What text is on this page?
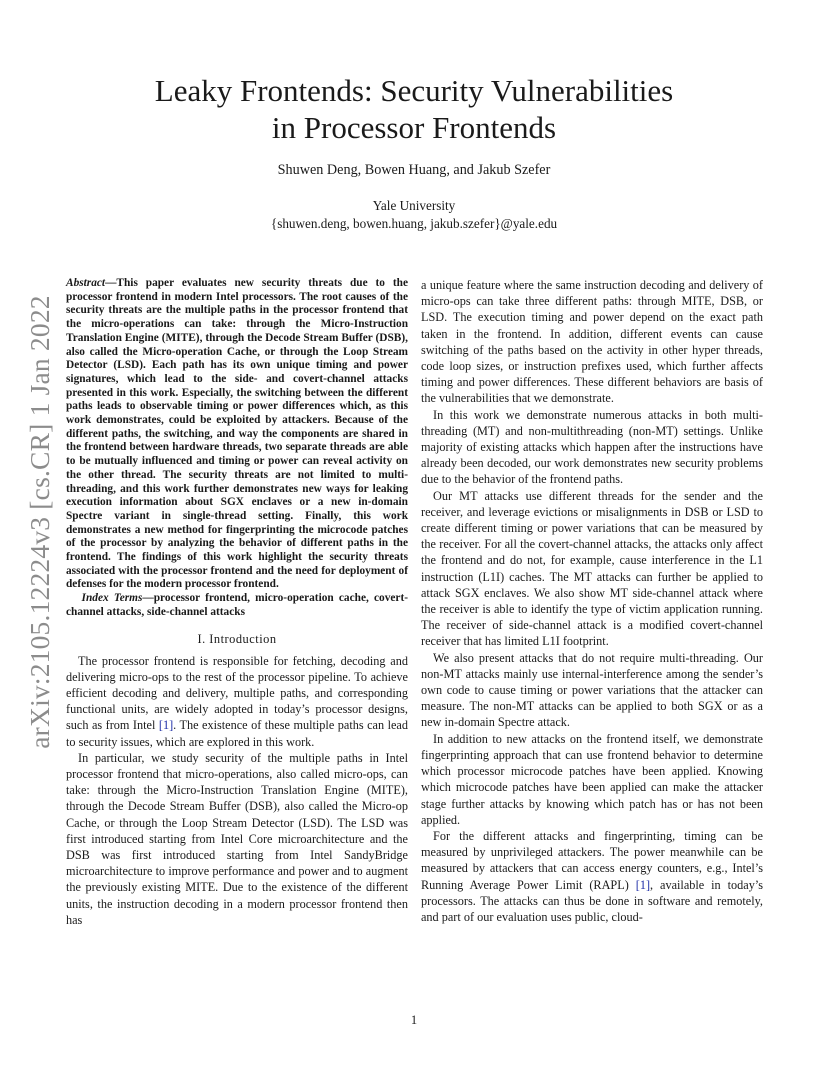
arXiv:2105.12224v3 [cs.CR] 1 Jan 2022
Leaky Frontends: Security Vulnerabilities
in Processor Frontends
Shuwen Deng, Bowen Huang, and Jakub Szefer
Yale University
{shuwen.deng, bowen.huang, jakub.szefer}@yale.edu

Abstract—This paper evaluates new security threats due to the processor frontend in modern Intel processors. The root causes of the security threats are the multiple paths in the processor frontend that the micro-operations can take: through the Micro-Instruction Translation Engine (MITE), through the Decode Stream Buffer (DSB), also called the Micro-operation Cache, or through the Loop Stream Detector (LSD). Each path has its own unique timing and power signatures, which lead to the side- and covert-channel attacks presented in this work. Especially, the switching between the different paths leads to observable timing or power differences which, as this work demonstrates, could be exploited by attackers. Because of the different paths, the switching, and way the components are shared in the frontend between hardware threads, two separate threads are able to be mutually influenced and timing or power can reveal activity on the other thread. The security threats are not limited to multi-threading, and this work further demonstrates new ways for leaking execution information about SGX enclaves or a new in-domain Spectre variant in single-thread setting. Finally, this work demonstrates a new method for fingerprinting the microcode patches of the processor by analyzing the behavior of different paths in the frontend. The findings of this work highlight the security threats associated with the processor frontend and the need for deployment of defenses for the modern processor frontend.

Index Terms—processor frontend, micro-operation cache, covert-channel attacks, side-channel attacks

I. Introduction

The processor frontend is responsible for fetching, decoding and delivering micro-ops to the rest of the processor pipeline. To achieve efficient decoding and delivery, multiple paths, and corresponding functional units, are widely adopted in today’s processor designs, such as from Intel [1]. The existence of these multiple paths can lead to security issues, which are explored in this work.

In particular, we study security of the multiple paths in Intel processor frontend that micro-operations, also called micro-ops, can take: through the Micro-Instruction Translation Engine (MITE), through the Decode Stream Buffer (DSB), also called the Micro-op Cache, or through the Loop Stream Detector (LSD). The LSD was first introduced starting from Intel Core microarchitecture and the DSB was first introduced starting from Intel SandyBridge microarchitecture to improve performance and power and to augment the previously existing MITE. Due to the existence of the different units, the instruction decoding in a modern processor frontend then has

a unique feature where the same instruction decoding and delivery of micro-ops can take three different paths: through MITE, DSB, or LSD. The execution timing and power depend on the exact path taken in the frontend. In addition, different events can cause switching of the paths based on the activity in other hyper threads, code loop sizes, or instruction prefixes used, which further affects timing and power differences. These different behaviors are basis of the vulnerabilities that we demonstrate.

In this work we demonstrate numerous attacks in both multi-threading (MT) and non-multithreading (non-MT) settings. Unlike majority of existing attacks which happen after the instructions have already been decoded, our work demonstrates new security problems due to the behavior of the frontend paths.

Our MT attacks use different threads for the sender and the receiver, and leverage evictions or misalignments in DSB or LSD to create different timing or power variations that can be measured by the receiver. For all the covert-channel attacks, the attacks only affect the frontend and do not, for example, cause interference in the L1 instruction (L1I) caches. The MT attacks can further be applied to attack SGX enclaves. We also show MT side-channel attack where the receiver is able to identify the type of victim application running. The receiver of side-channel attack is a modified covert-channel receiver that has limited L1I footprint.

We also present attacks that do not require multi-threading. Our non-MT attacks mainly use internal-interference among the sender’s own code to cause timing or power variations that the attacker can measure. The non-MT attacks can be applied to both SGX or as a new in-domain Spectre attack.

In addition to new attacks on the frontend itself, we demonstrate fingerprinting approach that can use frontend behavior to determine which processor microcode patches have been applied. Knowing which microcode patches have been applied can make the attacker stage further attacks by knowing which patch has or has not been applied.

For the different attacks and fingerprinting, timing can be measured by unprivileged attackers. The power meanwhile can be measured by attackers that can access energy counters, e.g., Intel’s Running Average Power Limit (RAPL) [1], available in today’s processors. The attacks can thus be done in software and remotely, and part of our evaluation uses public, cloud-

1
